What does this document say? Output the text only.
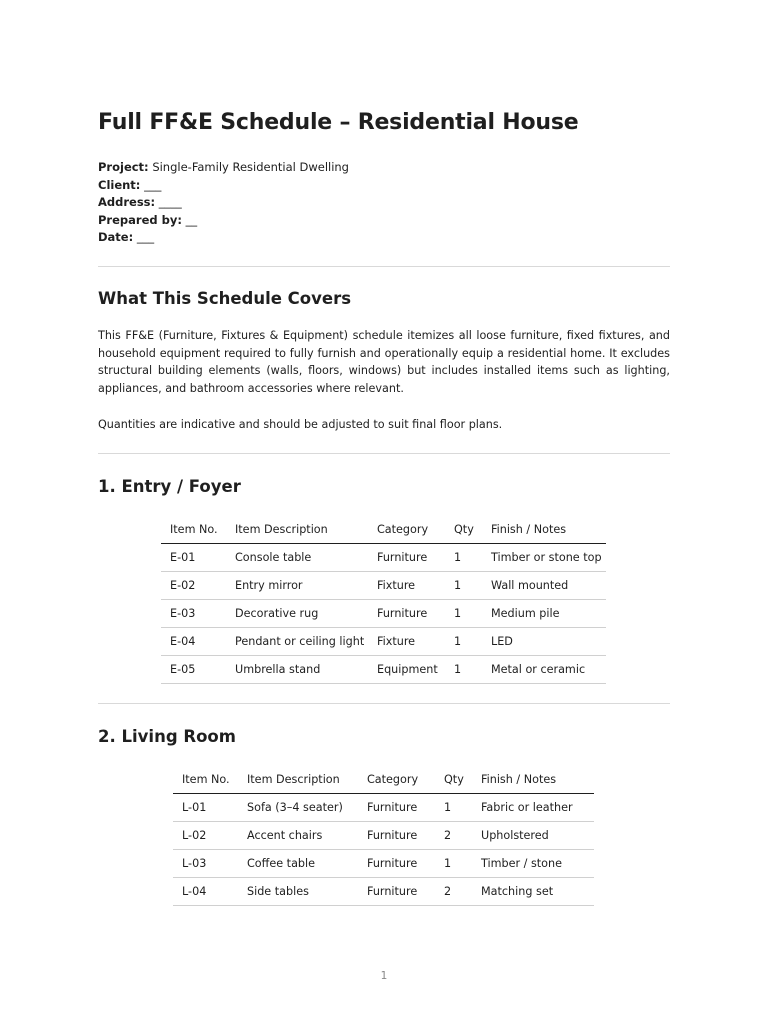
Full FF&E Schedule – Residential House
Project: Single-Family Residential Dwelling
Client: ___
Address: ____
Prepared by: __
Date: ___
What This Schedule Covers

This FF&E (Furniture, Fixtures & Equipment) schedule itemizes all loose furniture, fixed fixtures, and household equipment required to fully furnish and operationally equip a residential home. It excludes structural building elements (walls, floors, windows) but includes installed items such as lighting, appliances, and bathroom accessories where relevant.

Quantities are indicative and should be adjusted to suit final floor plans.

1. Entry / Foyer
Item No.	Item Description	Category	Qty	Finish / Notes
E-01	Console table	Furniture	1	Timber or stone top
E-02	Entry mirror	Fixture	1	Wall mounted
E-03	Decorative rug	Furniture	1	Medium pile
E-04	Pendant or ceiling light	Fixture	1	LED
E-05	Umbrella stand	Equipment	1	Metal or ceramic
2. Living Room
Item No.	Item Description	Category	Qty	Finish / Notes
L-01	Sofa (3–4 seater)	Furniture	1	Fabric or leather
L-02	Accent chairs	Furniture	2	Upholstered
L-03	Coffee table	Furniture	1	Timber / stone
L-04	Side tables	Furniture	2	Matching set
1
